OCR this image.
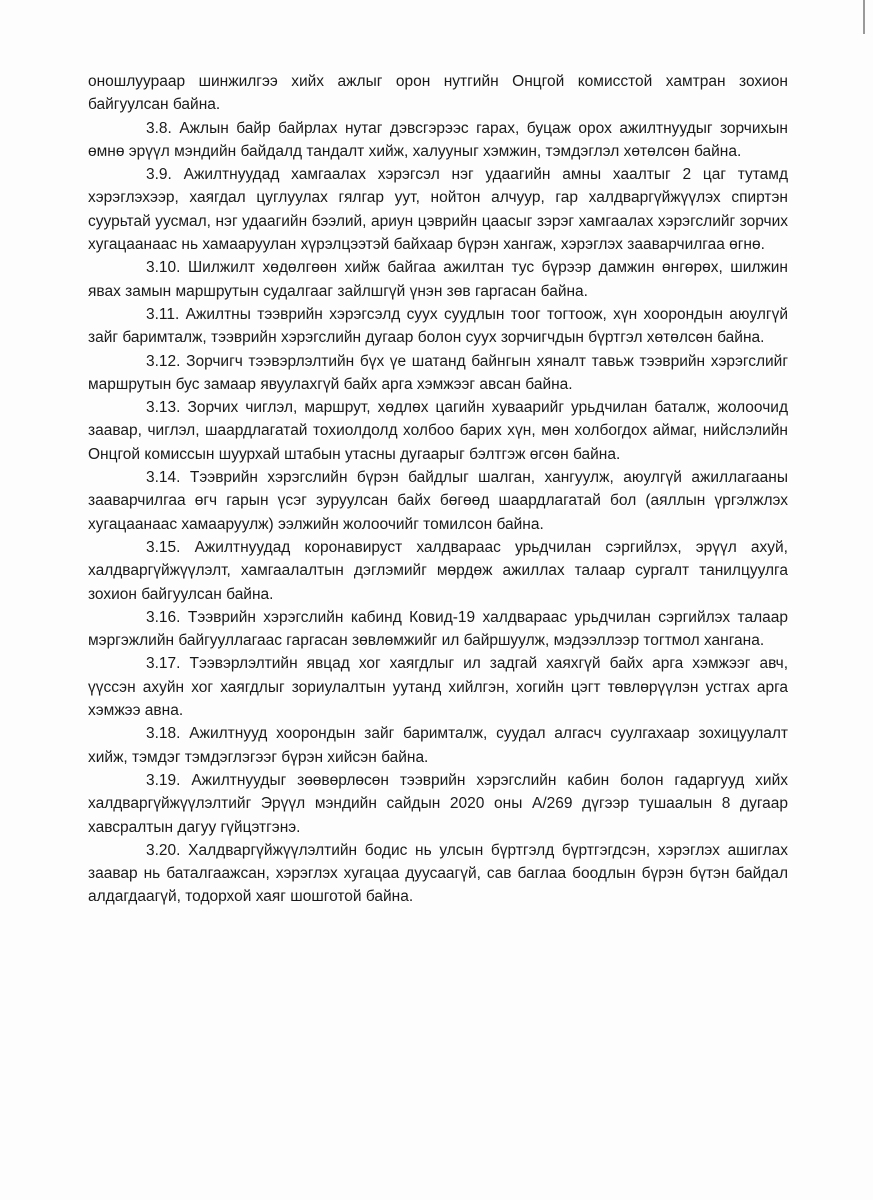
оношлуураар шинжилгээ хийх ажлыг орон нутгийн Онцгой комисстой хамтран зохион байгуулсан байна.

3.8. Ажлын байр байрлах нутаг дэвсгэрээс гарах, буцаж орох ажилтнуудыг зорчихын өмнө эрүүл мэндийн байдалд тандалт хийж, халууныг хэмжин, тэмдэглэл хөтөлсөн байна.

3.9. Ажилтнуудад хамгаалах хэрэгсэл нэг удаагийн амны хаалтыг 2 цаг тутамд хэрэглэхээр, хаягдал цуглуулах гялгар уут, нойтон алчуур, гар халдваргүйжүүлэх спиртэн суурьтай уусмал, нэг удаагийн бээлий, ариун цэврийн цаасыг зэрэг хамгаалах хэрэгслийг зорчих хугацаанаас нь хамааруулан хүрэлцээтэй байхаар бүрэн хангаж, хэрэглэх зааварчилгаа өгнө.

3.10. Шилжилт хөдөлгөөн хийж байгаа ажилтан тус бүрээр дамжин өнгөрөх, шилжин явах замын маршрутын судалгааг зайлшгүй үнэн зөв гаргасан байна.

3.11. Ажилтны тээврийн хэрэгсэлд суух суудлын тоог тогтоож, хүн хоорондын аюулгүй зайг баримталж, тээврийн хэрэгслийн дугаар болон суух зорчигчдын бүртгэл хөтөлсөн байна.

3.12. Зорчигч тээвэрлэлтийн бүх үе шатанд байнгын хяналт тавьж тээврийн хэрэгслийг маршрутын бус замаар явуулахгүй байх арга хэмжээг авсан байна.

3.13. Зорчих чиглэл, маршрут, хөдлөх цагийн хуваарийг урьдчилан баталж, жолоочид заавар, чиглэл, шаардлагатай тохиолдолд холбоо барих хүн, мөн холбогдох аймаг, нийслэлийн Онцгой комиссын шуурхай штабын утасны дугаарыг бэлтгэж өгсөн байна.

3.14. Тээврийн хэрэгслийн бүрэн байдлыг шалган, хангуулж, аюулгүй ажиллагааны зааварчилгаа өгч гарын үсэг зуруулсан байх бөгөөд шаардлагатай бол (аяллын үргэлжлэх хугацаанаас хамааруулж) ээлжийн жолоочийг томилсон байна.

3.15. Ажилтнуудад коронавируст халдвараас урьдчилан сэргийлэх, эрүүл ахуй, халдваргүйжүүлэлт, хамгаалалтын дэглэмийг мөрдөж ажиллах талаар сургалт танилцуулга зохион байгуулсан байна.

3.16. Тээврийн хэрэгслийн кабинд Ковид-19 халдвараас урьдчилан сэргийлэх талаар мэргэжлийн байгууллагаас гаргасан зөвлөмжийг ил байршуулж, мэдээллээр тогтмол хангана.

3.17. Тээвэрлэлтийн явцад хог хаягдлыг ил задгай хаяхгүй байх арга хэмжээг авч, үүссэн ахуйн хог хаягдлыг зориулалтын уутанд хийлгэн, хогийн цэгт төвлөрүүлэн устгах арга хэмжээ авна.

3.18. Ажилтнууд хоорондын зайг баримталж, суудал алгасч суулгахаар зохицуулалт хийж, тэмдэг тэмдэглэгээг бүрэн хийсэн байна.

3.19. Ажилтнуудыг зөөвөрлөсөн тээврийн хэрэгслийн кабин болон гадаргууд хийх халдваргүйжүүлэлтийг Эрүүл мэндийн сайдын 2020 оны А/269 дүгээр тушаалын 8 дугаар хавсралтын дагуу гүйцэтгэнэ.

3.20. Халдваргүйжүүлэлтийн бодис нь улсын бүртгэлд бүртгэгдсэн, хэрэглэх ашиглах заавар нь баталгаажсан, хэрэглэх хугацаа дуусаагүй, сав баглаа боодлын бүрэн бүтэн байдал алдагдаагүй, тодорхой хаяг шошготой байна.
